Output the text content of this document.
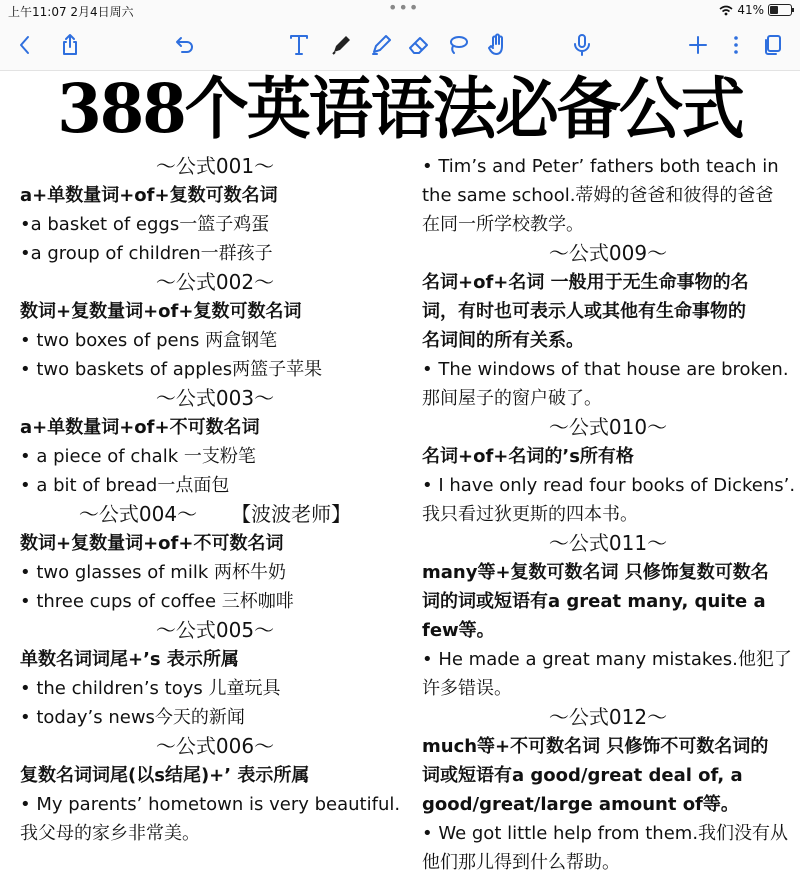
上午11:07 2月4日周六	•••	41%
388个英语语法必备公式
～公式001～
a+单数量词+of+复数可数名词
•a basket of eggs一篮子鸡蛋
•a group of children一群孩子
～公式002～
数词+复数量词+of+复数可数名词
• two boxes of pens 两盒钢笔
• two baskets of apples两篮子苹果
～公式003～
a+单数量词+of+不可数名词
• a piece of chalk 一支粉笔
• a bit of bread一点面包
～公式004～ 【波波老师】
数词+复数量词+of+不可数名词
• two glasses of milk 两杯牛奶
• three cups of coffee 三杯咖啡
～公式005～
单数名词词尾+’s 表示所属
• the children’s toys 儿童玩具
• today’s news今天的新闻
～公式006～
复数名词词尾(以s结尾)+’ 表示所属
• My parents’ hometown is very beautiful.
我父母的家乡非常美。
• Tim’s and Peter’ fathers both teach in
the same school.蒂姆的爸爸和彼得的爸爸
在同一所学校教学。
～公式009～
名词+of+名词 一般用于无生命事物的名
词，有时也可表示人或其他有生命事物的
名词间的所有关系。
• The windows of that house are broken.
那间屋子的窗户破了。
～公式010～
名词+of+名词的’s所有格
• I have only read four books of Dickens’.
我只看过狄更斯的四本书。
～公式011～
many等+复数可数名词 只修饰复数可数名
词的词或短语有a great many, quite a
few等。
• He made a great many mistakes.他犯了
许多错误。
～公式012～
much等+不可数名词 只修饰不可数名词的
词或短语有a good/great deal of, a
good/great/large amount of等。
• We got little help from them.我们没有从
他们那儿得到什么帮助。
